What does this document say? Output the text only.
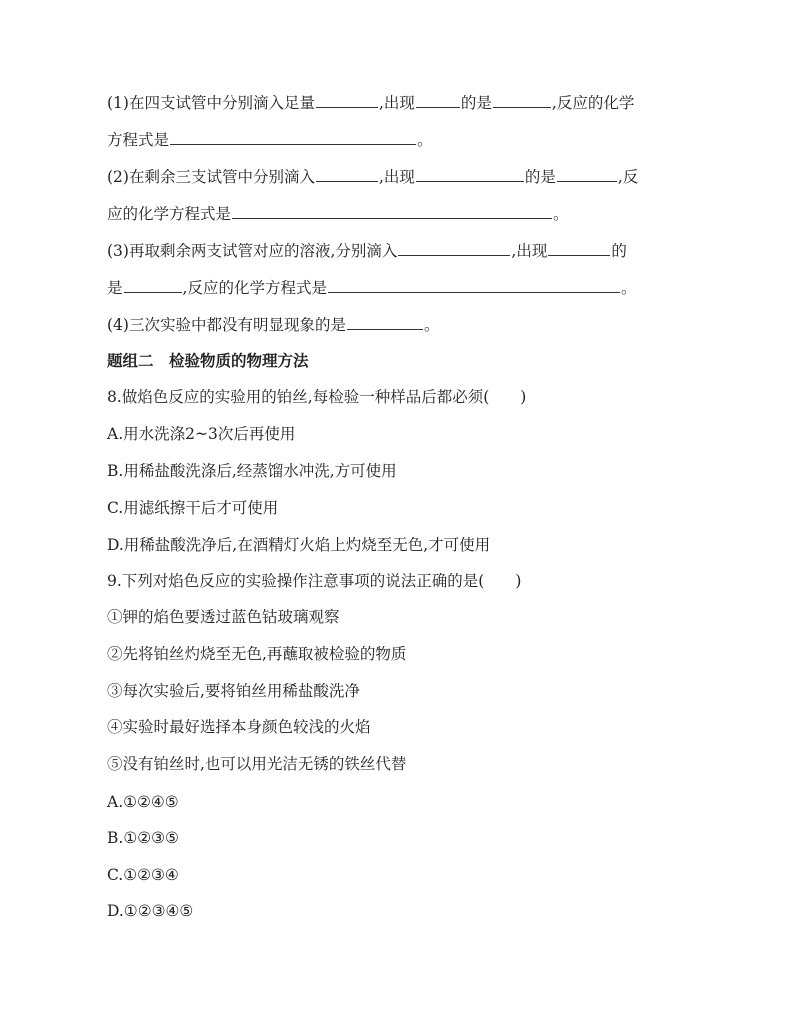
(1)在四支试管中分别滴入足量	,出现	的是	,反应的化学
方程式是	。
(2)在剩余三支试管中分别滴入	,出现	的是	,反
应的化学方程式是	。
(3)再取剩余两支试管对应的溶液,分别滴入	,出现	的
是	,反应的化学方程式是	。
(4)三次实验中都没有明显现象的是	。
题组二　检验物质的物理方法
8.做焰色反应的实验用的铂丝,每检验一种样品后都必须(　　)
A.用水洗涤2~3次后再使用
B.用稀盐酸洗涤后,经蒸馏水冲洗,方可使用
C.用滤纸擦干后才可使用
D.用稀盐酸洗净后,在酒精灯火焰上灼烧至无色,才可使用
9.下列对焰色反应的实验操作注意事项的说法正确的是(　　)
①钾的焰色要透过蓝色钴玻璃观察
②先将铂丝灼烧至无色,再蘸取被检验的物质
③每次实验后,要将铂丝用稀盐酸洗净
④实验时最好选择本身颜色较浅的火焰
⑤没有铂丝时,也可以用光洁无锈的铁丝代替
A.①②④⑤
B.①②③⑤
C.①②③④
D.①②③④⑤
